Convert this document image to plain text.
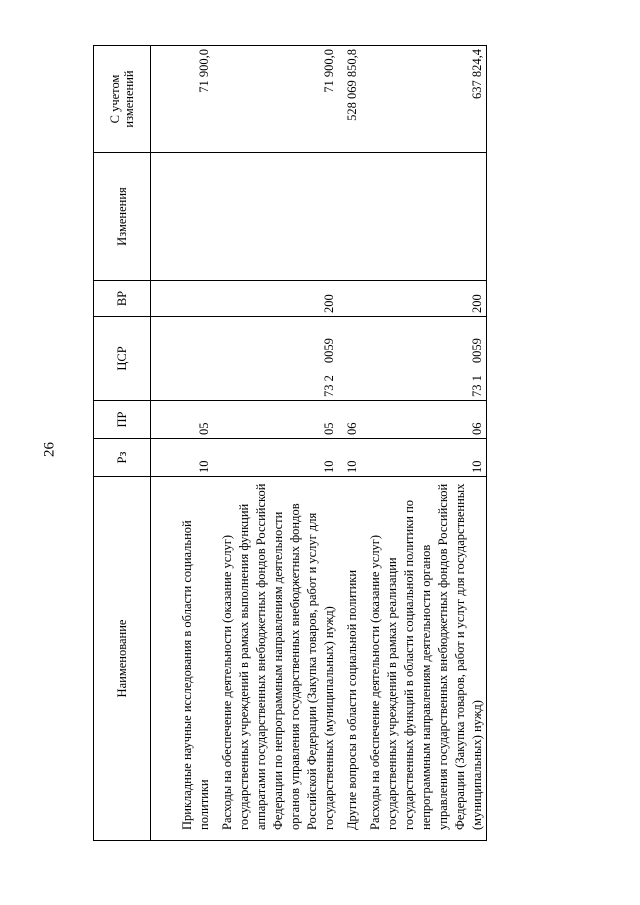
26
Наименование	Рз	ПР	ЦСР	ВР	Изменения	С учетом изменений
Прикладные научные исследования в области социальной политики	10	05				71 900,0
Расходы на обеспечение деятельности (оказание услуг) государственных учреждений в рамках выполнения функций аппаратами государственных внебюджетных фондов Российской Федерации по непрограммным направлениям деятельности органов управления государственных внебюджетных фондов Российской Федерации (Закупка товаров, работ и услуг для государственных (муниципальных) нужд)	10	05	73 20059	200		71 900,0
Другие вопросы в области социальной политики	10	06				528 069 850,8
Расходы на обеспечение деятельности (оказание услуг) государственных учреждений в рамках реализации государственных функций в области социальной политики по непрограммным направлениям деятельности органов управления государственных внебюджетных фондов Российской Федерации (Закупка товаров, работ и услуг для государственных (муниципальных) нужд)	10	06	73 10059	200		637 824,4
